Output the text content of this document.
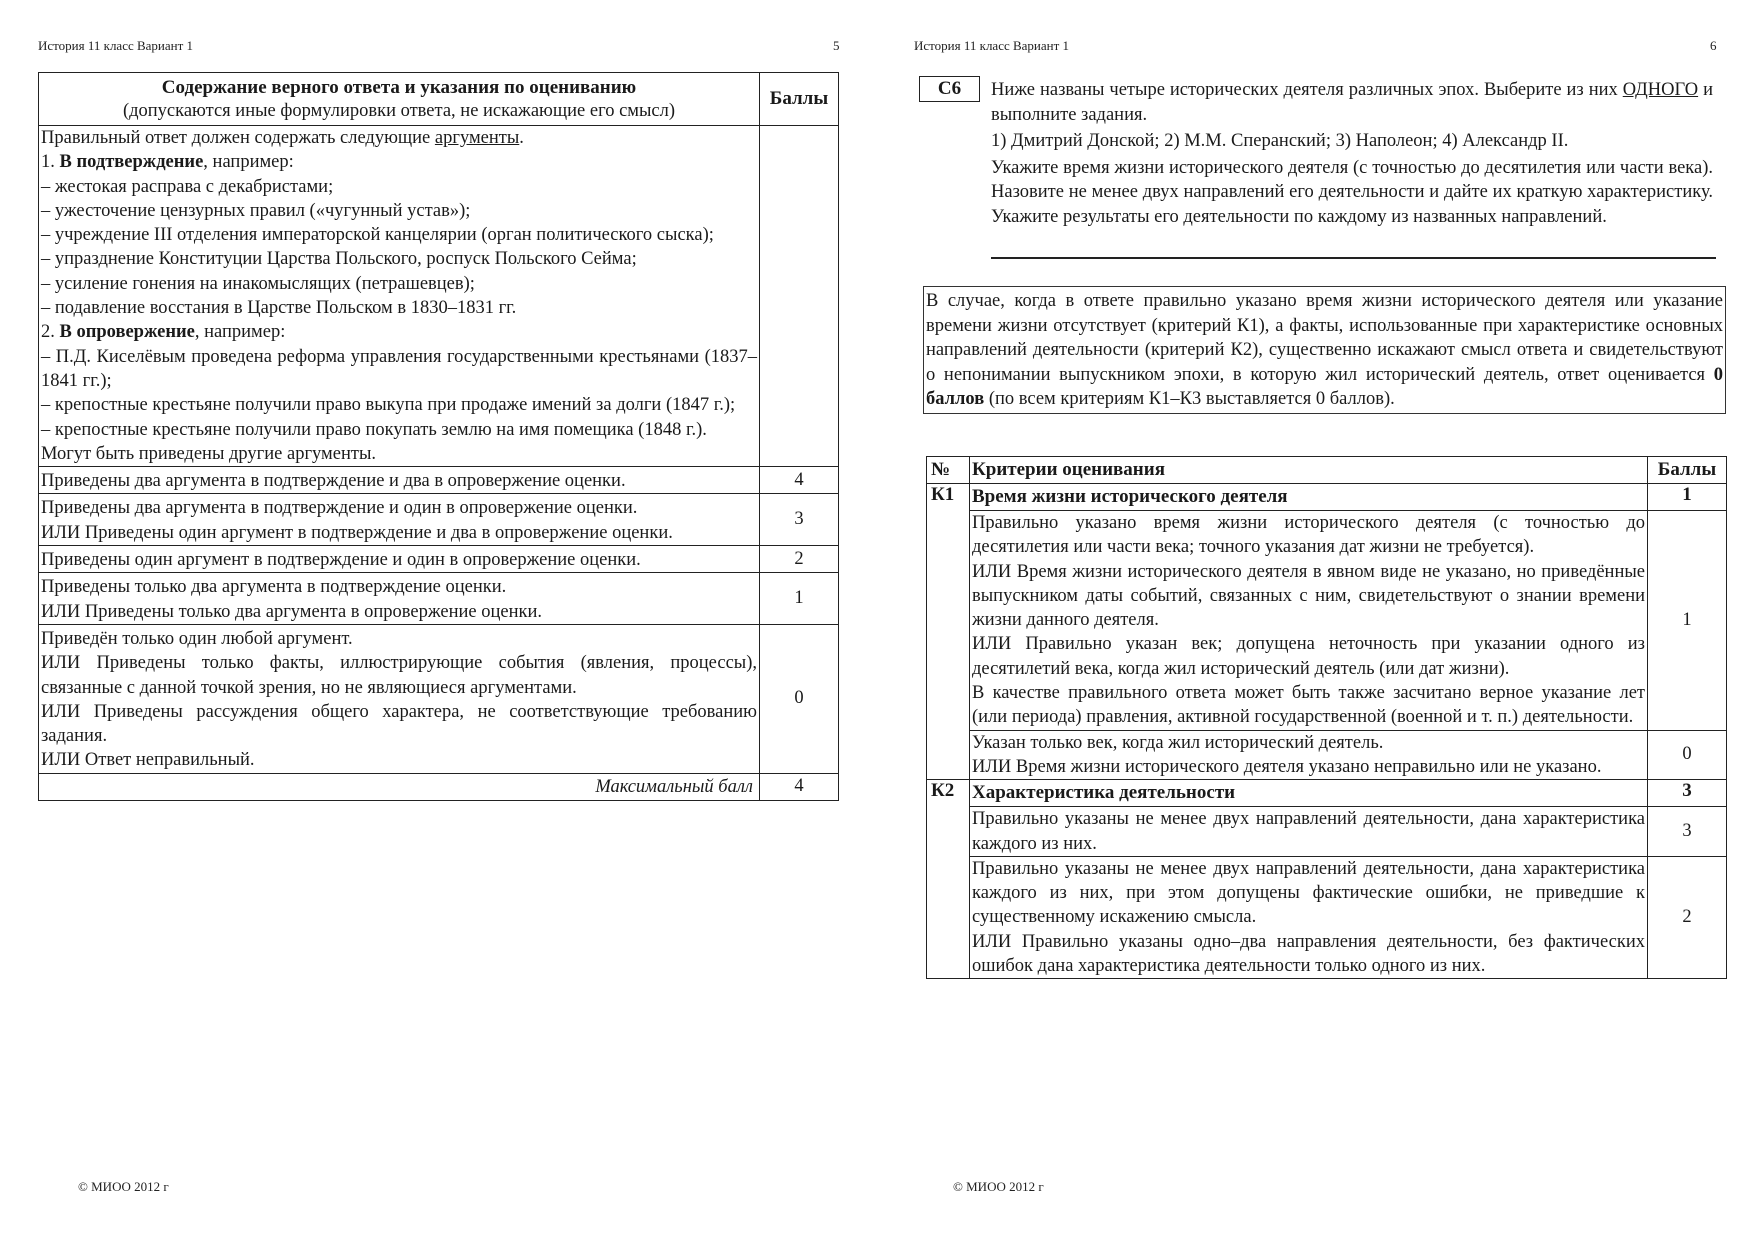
История 11 класс Вариант 1	5
Содержание верного ответа и указания по оцениванию
(допускаются иные формулировки ответа, не искажающие его смысл)	Баллы

Правильный ответ должен содержать следующие аргументы.

1. В подтверждение, например:

– жестокая расправа с декабристами;

– ужесточение цензурных правил («чугунный устав»);

– учреждение III отделения императорской канцелярии (орган политического сыска);

– упразднение Конституции Царства Польского, роспуск Польского Сейма;

– усиление гонения на инакомыслящих (петрашевцев);

– подавление восстания в Царстве Польском в 1830–1831 гг.

2. В опровержение, например:

– П.Д. Киселёвым проведена реформа управления государственными крестьянами (1837–1841 гг.);

– крепостные крестьяне получили право выкупа при продаже имений за долги (1847 г.);

– крепостные крестьяне получили право покупать землю на имя помещика (1848 г.).

Могут быть приведены другие аргументы.

Приведены два аргумента в подтверждение и два в опровержение оценки.	4

Приведены два аргумента в подтверждение и один в опровержение оценки.

ИЛИ Приведены один аргумент в подтверждение и два в опровержение оценки.	3

Приведены один аргумент в подтверждение и один в опровержение оценки.	2

Приведены только два аргумента в подтверждение оценки.

ИЛИ Приведены только два аргумента в опровержение оценки.	1

Приведён только один любой аргумент.

ИЛИ Приведены только факты, иллюстрирующие события (явления, процессы), связанные с данной точкой зрения, но не являющиеся аргументами.

ИЛИ Приведены рассуждения общего характера, не соответствующие требованию задания.

ИЛИ Ответ неправильный.	0
Максимальный балл	4
© МИОО 2012 г
История 11 класс Вариант 1	6
© МИОО 2012 г
С6	Ниже названы четыре исторических деятеля различных эпох. Выберите из них ОДНОГО и выполните задания.

1) Дмитрий Донской; 2) М.М. Сперанский; 3) Наполеон; 4) Александр II.

Укажите время жизни исторического деятеля (с точностью до десятилетия или части века). Назовите не менее двух направлений его деятельности и дайте их краткую характеристику. Укажите результаты его деятельности по каждому из названных направлений.

В случае, когда в ответе правильно указано время жизни исторического деятеля или указание времени жизни отсутствует (критерий К1), а факты, использованные при характеристике основных направлений деятельности (критерий К2), существенно искажают смысл ответа и свидетельствуют о непонимании выпускником эпохи, в которую жил исторический деятель, ответ оценивается 0 баллов (по всем критериям К1–К3 выставляется 0 баллов).
№	Критерии оценивания	Баллы
К1	Время жизни исторического деятеля	1

	Правильно указано время жизни исторического деятеля (с точностью до десятилетия или части века; точного указания дат жизни не требуется).

ИЛИ Время жизни исторического деятеля в явном виде не указано, но приведённые выпускником даты событий, связанных с ним, свидетельствуют о знании времени жизни данного деятеля.

ИЛИ Правильно указан век; допущена неточность при указании одного из десятилетий века, когда жил исторический деятель (или дат жизни).

В качестве правильного ответа может быть также засчитано верное указание лет (или периода) правления, активной государственной (военной и т. п.) деятельности.	1

	Указан только век, когда жил исторический деятель.

ИЛИ Время жизни исторического деятеля указано неправильно или не указано.	0
К2	Характеристика деятельности	3

	Правильно указаны не менее двух направлений деятельности, дана характеристика каждого из них.	3

	Правильно указаны не менее двух направлений деятельности, дана характеристика каждого из них, при этом допущены фактические ошибки, не приведшие к существенному искажению смысла.

ИЛИ Правильно указаны одно–два направления деятельности, без фактических ошибок дана характеристика деятельности только одного из них.	2
